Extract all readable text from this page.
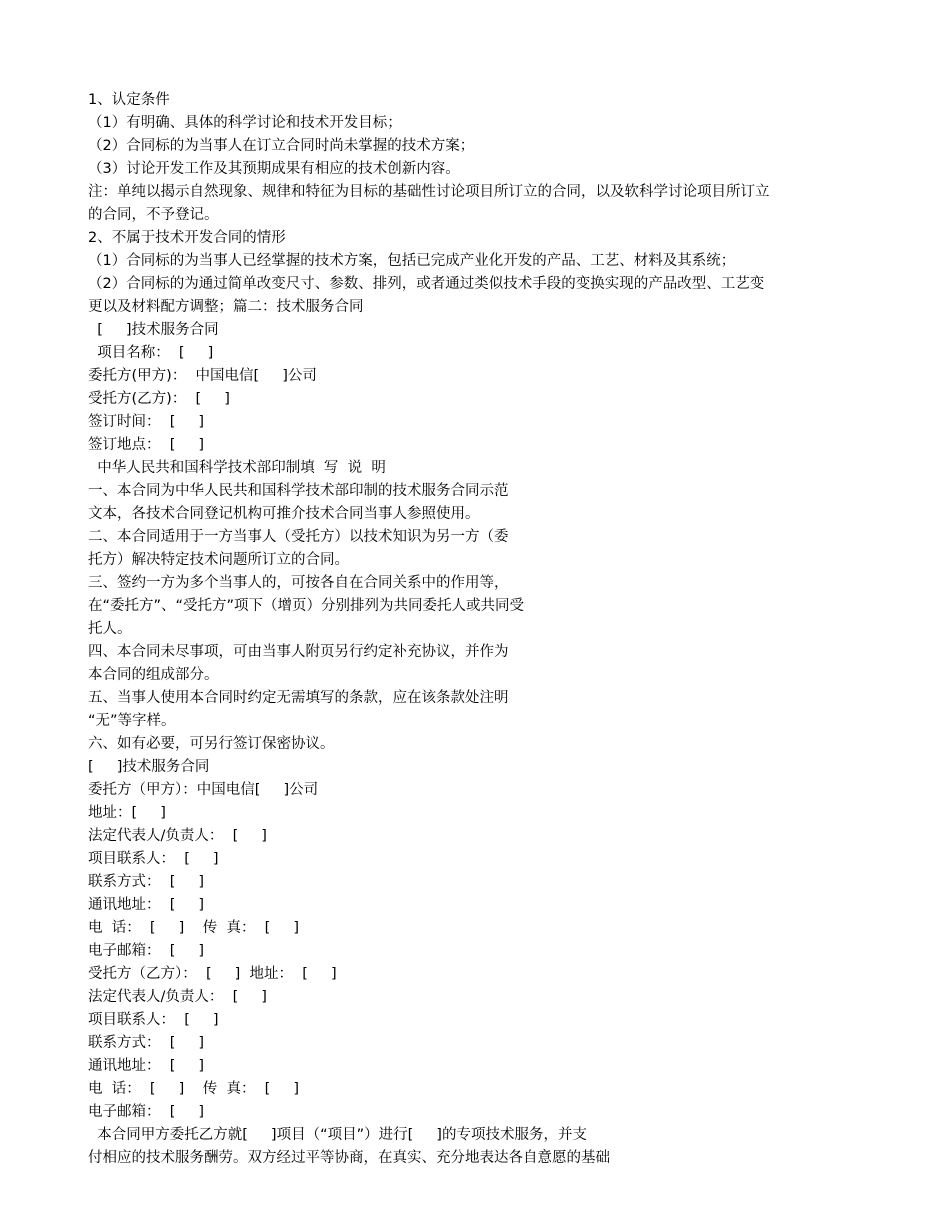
1、认定条件

（1）有明确、具体的科学讨论和技术开发目标；

（2）合同标的为当事人在订立合同时尚未掌握的技术方案；

（3）讨论开发工作及其预期成果有相应的技术创新内容。

注：单纯以揭示自然现象、规律和特征为目标的基础性讨论项目所订立的合同，以及软科学讨论项目所订立

的合同，不予登记。

2、不属于技术开发合同的情形

（1）合同标的为当事人已经掌握的技术方案，包括已完成产业化开发的产品、工艺、材料及其系统；

（2）合同标的为通过简单改变尺寸、参数、排列，或者通过类似技术手段的变换实现的产品改型、工艺变

更以及材料配方调整；篇二：技术服务合同

[     ]技术服务合同

项目名称：  [     ]

委托方(甲方)：  中国电信[     ]公司

受托方(乙方)：  [     ]

签订时间：  [     ]

签订地点：  [     ]

中华人民共和国科学技术部印制填  写  说  明

一、本合同为中华人民共和国科学技术部印制的技术服务合同示范

文本，各技术合同登记机构可推介技术合同当事人参照使用。

二、本合同适用于一方当事人（受托方）以技术知识为另一方（委

托方）解决特定技术问题所订立的合同。

三、签约一方为多个当事人的，可按各自在合同关系中的作用等，

在“委托方”、“受托方”项下（增页）分别排列为共同委托人或共同受

托人。

四、本合同未尽事项，可由当事人附页另行约定补充协议，并作为

本合同的组成部分。

五、当事人使用本合同时约定无需填写的条款，应在该条款处注明

“无”等字样。

六、如有必要，可另行签订保密协议。

[     ]技术服务合同

委托方（甲方）：中国电信[     ]公司

地址：[     ]

法定代表人/负责人：  [     ]

项目联系人：  [     ]

联系方式：  [     ]

通讯地址：  [     ]

电  话：  [     ]    传  真：  [     ]

电子邮箱：  [     ]

受托方（乙方）：  [     ]  地址：  [     ]

法定代表人/负责人：  [     ]

项目联系人：  [     ]

联系方式：  [     ]

通讯地址：  [     ]

电  话：  [     ]    传  真：  [     ]

电子邮箱：  [     ]

本合同甲方委托乙方就[     ]项目（“项目”）进行[     ]的专项技术服务，并支

付相应的技术服务酬劳。双方经过平等协商，在真实、充分地表达各自意愿的基础
